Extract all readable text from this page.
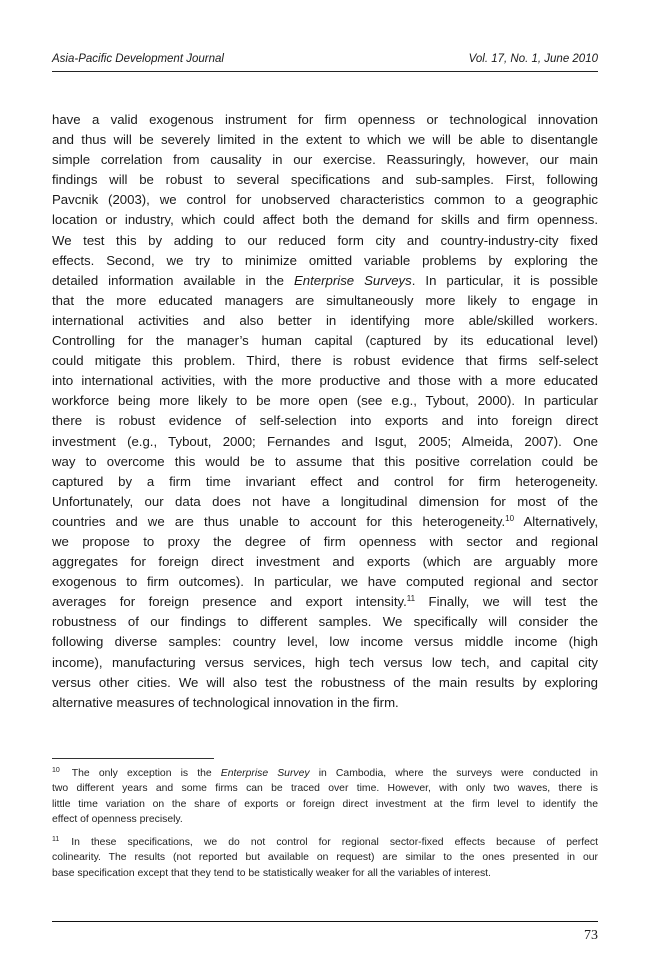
Asia-Pacific Development Journal	Vol. 17, No. 1, June 2010
have a valid exogenous instrument for firm openness or technological innovation
and thus will be severely limited in the extent to which we will be able to disentangle
simple correlation from causality in our exercise. Reassuringly, however, our main
findings will be robust to several specifications and sub-samples. First, following
Pavcnik (2003), we control for unobserved characteristics common to a geographic
location or industry, which could affect both the demand for skills and firm openness.
We test this by adding to our reduced form city and country-industry-city fixed
effects. Second, we try to minimize omitted variable problems by exploring the
detailed information available in the Enterprise Surveys. In particular, it is possible
that the more educated managers are simultaneously more likely to engage in
international activities and also better in identifying more able/skilled workers.
Controlling for the manager’s human capital (captured by its educational level)
could mitigate this problem. Third, there is robust evidence that firms self-select
into international activities, with the more productive and those with a more educated
workforce being more likely to be more open (see e.g., Tybout, 2000). In particular
there is robust evidence of self-selection into exports and into foreign direct
investment (e.g., Tybout, 2000; Fernandes and Isgut, 2005; Almeida, 2007). One
way to overcome this would be to assume that this positive correlation could be
captured by a firm time invariant effect and control for firm heterogeneity.
Unfortunately, our data does not have a longitudinal dimension for most of the
countries and we are thus unable to account for this heterogeneity.$^{10}$ Alternatively,
we propose to proxy the degree of firm openness with sector and regional
aggregates for foreign direct investment and exports (which are arguably more
exogenous to firm outcomes). In particular, we have computed regional and sector
averages for foreign presence and export intensity.$^{11}$ Finally, we will test the
robustness of our findings to different samples. We specifically will consider the
following diverse samples: country level, low income versus middle income (high
income), manufacturing versus services, high tech versus low tech, and capital city
versus other cities. We will also test the robustness of the main results by exploring
alternative measures of technological innovation in the firm.
$^{10}$ The only exception is the Enterprise Survey in Cambodia, where the surveys were conducted in
two different years and some firms can be traced over time. However, with only two waves, there is
little time variation on the share of exports or foreign direct investment at the firm level to identify the
effect of openness precisely.
$^{11}$ In these specifications, we do not control for regional sector-fixed effects because of perfect
colinearity. The results (not reported but available on request) are similar to the ones presented in our
base specification except that they tend to be statistically weaker for all the variables of interest.
73
